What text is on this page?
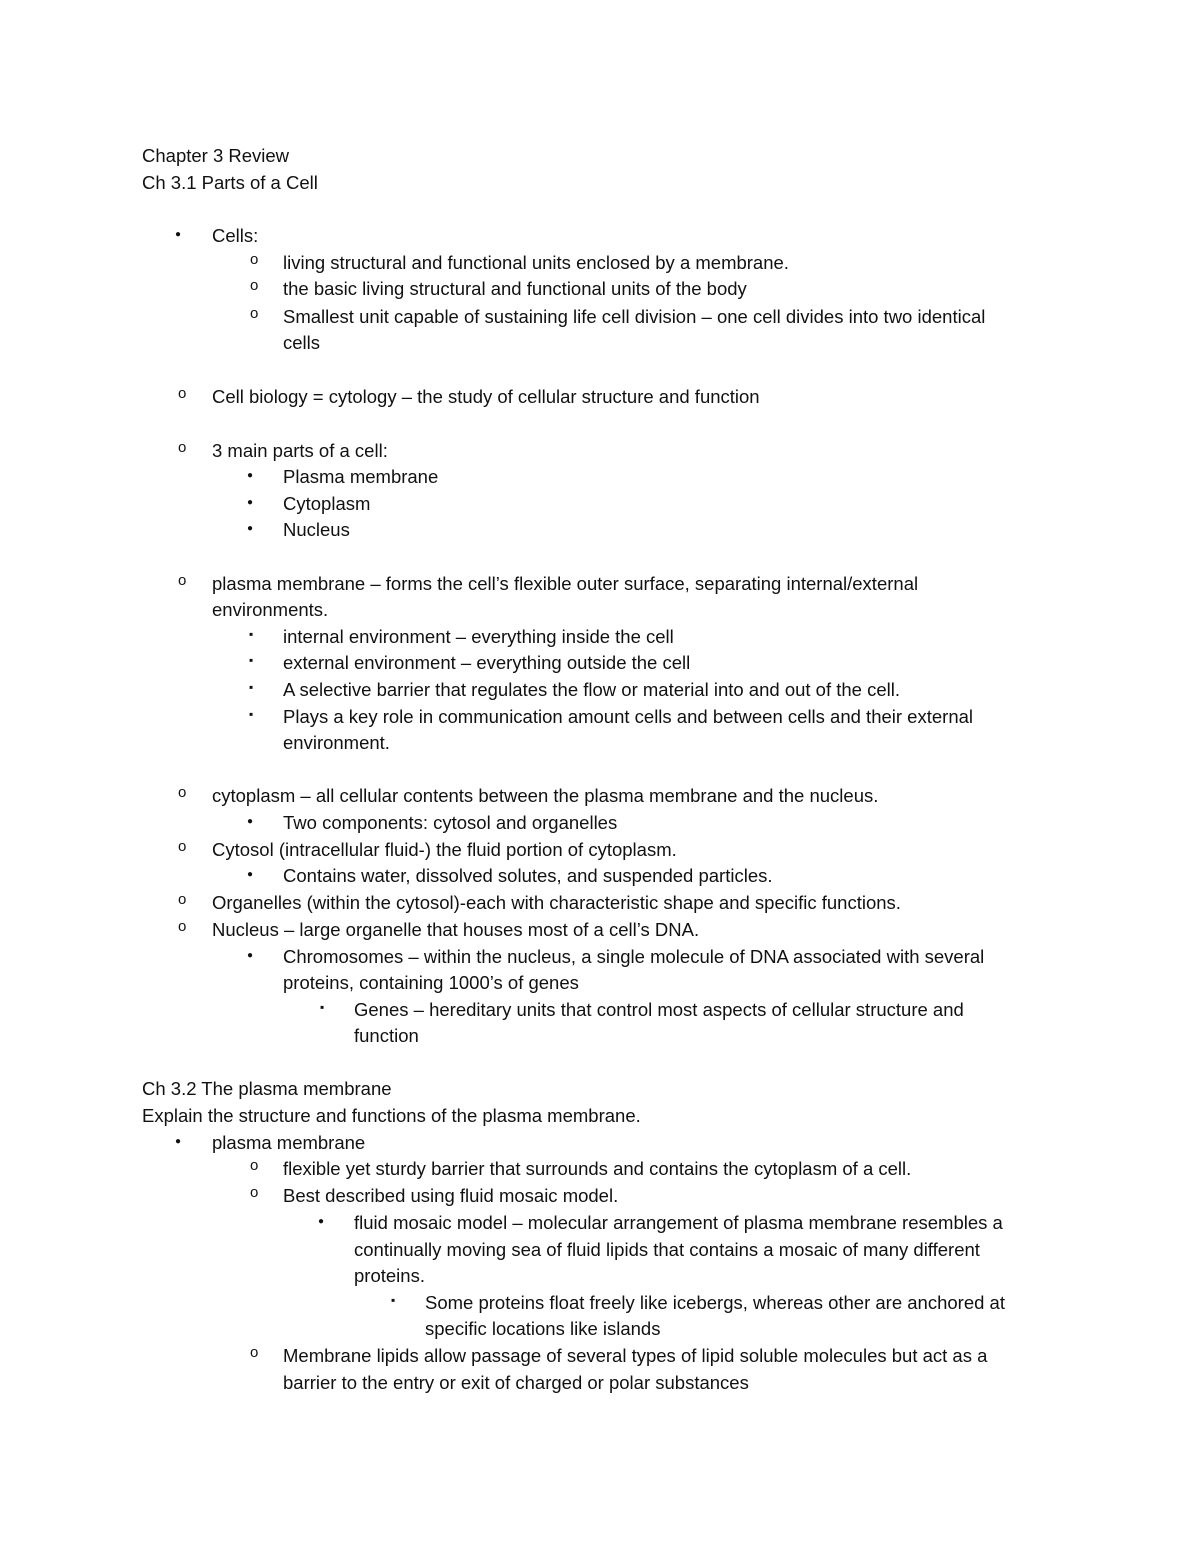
Chapter 3 Review
Ch 3.1 Parts of a Cell
●
Cells:
o
living structural and functional units enclosed by a membrane.
o
the basic living structural and functional units of the body
o
Smallest unit capable of sustaining life cell division – one cell divides into two identical
cells
o
Cell biology = cytology – the study of cellular structure and function
o
3 main parts of a cell:
●
Plasma membrane
●
Cytoplasm
●
Nucleus
o
plasma membrane – forms the cell’s flexible outer surface, separating internal/external
environments.
▪
internal environment – everything inside the cell
▪
external environment – everything outside the cell
▪
A selective barrier that regulates the flow or material into and out of the cell.
▪
Plays a key role in communication amount cells and between cells and their external
environment.
o
cytoplasm – all cellular contents between the plasma membrane and the nucleus.
●
Two components: cytosol and organelles
o
Cytosol (intracellular fluid-) the fluid portion of cytoplasm.
●
Contains water, dissolved solutes, and suspended particles.
o
Organelles (within the cytosol)-each with characteristic shape and specific functions.
o
Nucleus – large organelle that houses most of a cell’s DNA.
●
Chromosomes – within the nucleus, a single molecule of DNA associated with several
proteins, containing 1000’s of genes
▪
Genes – hereditary units that control most aspects of cellular structure and
function
Ch 3.2 The plasma membrane
Explain the structure and functions of the plasma membrane.
●
plasma membrane
o
flexible yet sturdy barrier that surrounds and contains the cytoplasm of a cell.
o
Best described using fluid mosaic model.
●
fluid mosaic model – molecular arrangement of plasma membrane resembles a
continually moving sea of fluid lipids that contains a mosaic of many different
proteins.
▪
Some proteins float freely like icebergs, whereas other are anchored at
specific locations like islands
o
Membrane lipids allow passage of several types of lipid soluble molecules but act as a
barrier to the entry or exit of charged or polar substances
